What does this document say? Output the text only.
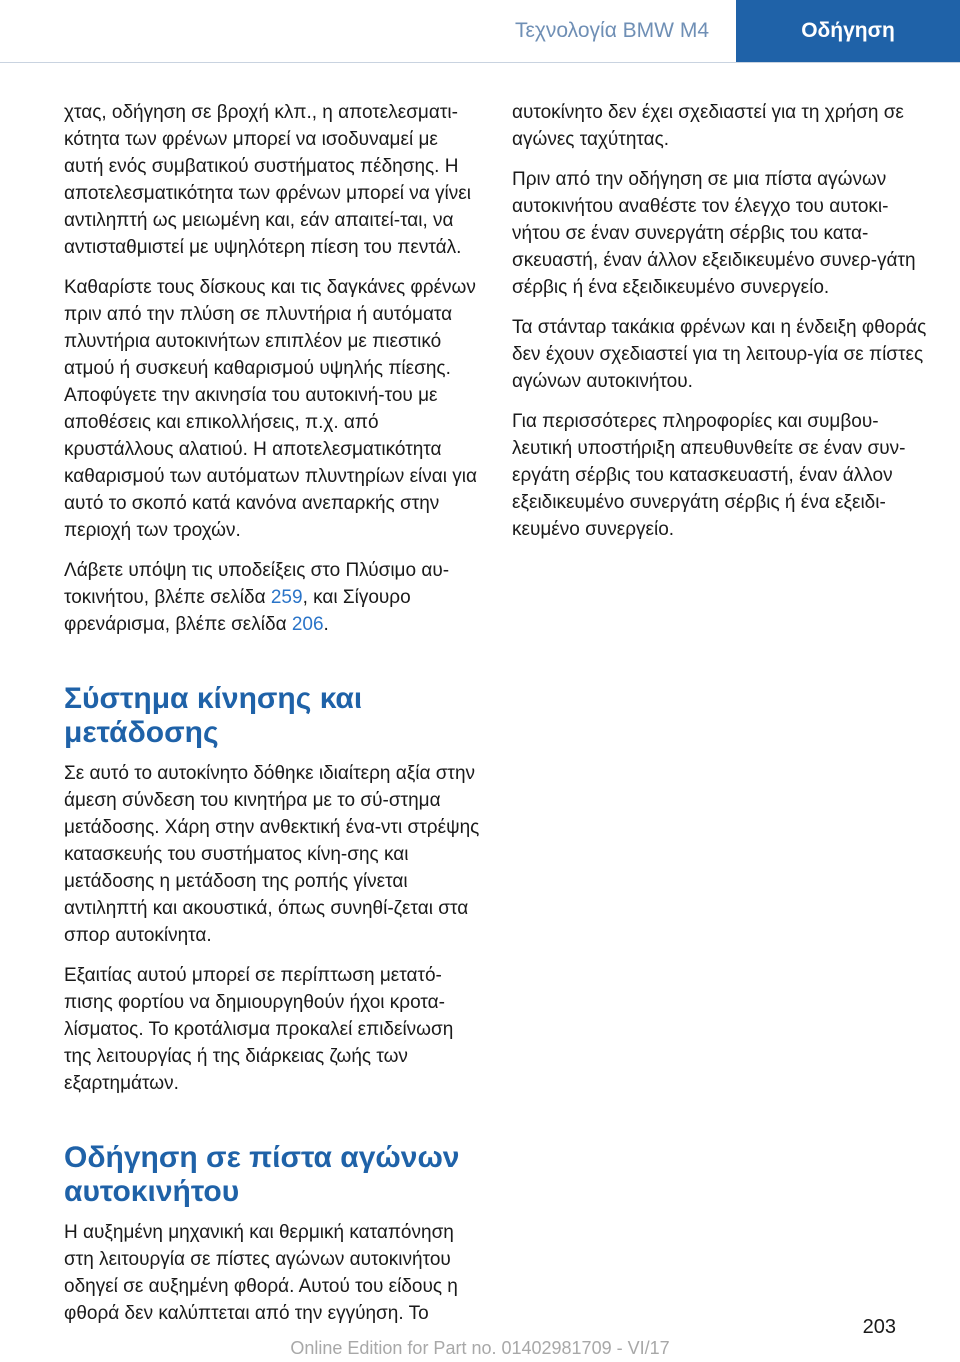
Τεχνολογία BMW M4	Οδήγηση

χτας, οδήγηση σε βροχή κλπ., η αποτελεσματι-κότητα των φρένων μπορεί να ισοδυναμεί με αυτή ενός συμβατικού συστήματος πέδησης. Η αποτελεσματικότητα των φρένων μπορεί να γίνει αντιληπτή ως μειωμένη και, εάν απαιτεί-ται, να αντισταθμιστεί με υψηλότερη πίεση του πεντάλ.

Καθαρίστε τους δίσκους και τις δαγκάνες φρένων πριν από την πλύση σε πλυντήρια ή αυτόματα πλυντήρια αυτοκινήτων επιπλέον με πιεστικό ατμού ή συσκευή καθαρισμού υψηλής πίεσης. Αποφύγετε την ακινησία του αυτοκινή-του με αποθέσεις και επικολλήσεις, π.χ. από κρυστάλλους αλατιού. Η αποτελεσματικότητα καθαρισμού των αυτόματων πλυντηρίων είναι για αυτό το σκοπό κατά κανόνα ανεπαρκής στην περιοχή των τροχών.

Λάβετε υπόψη τις υποδείξεις στο Πλύσιμο αυ-τοκινήτου, βλέπε σελίδα 259, και Σίγουρο φρενάρισμα, βλέπε σελίδα 206.

Σύστημα κίνησης και μετάδοσης

Σε αυτό το αυτοκίνητο δόθηκε ιδιαίτερη αξία στην άμεση σύνδεση του κινητήρα με το σύ-στημα μετάδοσης. Χάρη στην ανθεκτική ένα-ντι στρέψης κατασκευής του συστήματος κίνη-σης και μετάδοσης η μετάδοση της ροπής γίνεται αντιληπτή και ακουστικά, όπως συνηθί-ζεται στα σπορ αυτοκίνητα.

Εξαιτίας αυτού μπορεί σε περίπτωση μετατό-πισης φορτίου να δημιουργηθούν ήχοι κροτα-λίσματος. Το κροτάλισμα προκαλεί επιδείνωση της λειτουργίας ή της διάρκειας ζωής των εξαρτημάτων.

Οδήγηση σε πίστα αγώνων αυτοκινήτου

Η αυξημένη μηχανική και θερμική καταπόνηση στη λειτουργία σε πίστες αγώνων αυτοκινήτου οδηγεί σε αυξημένη φθορά. Αυτού του είδους η φθορά δεν καλύπτεται από την εγγύηση. Το

αυτοκίνητο δεν έχει σχεδιαστεί για τη χρήση σε αγώνες ταχύτητας.

Πριν από την οδήγηση σε μια πίστα αγώνων αυτοκινήτου αναθέστε τον έλεγχο του αυτοκι-νήτου σε έναν συνεργάτη σέρβις του κατα-σκευαστή, έναν άλλον εξειδικευμένο συνερ-γάτη σέρβις ή ένα εξειδικευμένο συνεργείο.

Τα στάνταρ τακάκια φρένων και η ένδειξη φθοράς δεν έχουν σχεδιαστεί για τη λειτουρ-γία σε πίστες αγώνων αυτοκινήτου.

Για περισσότερες πληροφορίες και συμβου-λευτική υποστήριξη απευθυνθείτε σε έναν συν-εργάτη σέρβις του κατασκευαστή, έναν άλλον εξειδικευμένο συνεργάτη σέρβις ή ένα εξειδι-κευμένο συνεργείο.

203
Online Edition for Part no. 01402981709 - VI/17
